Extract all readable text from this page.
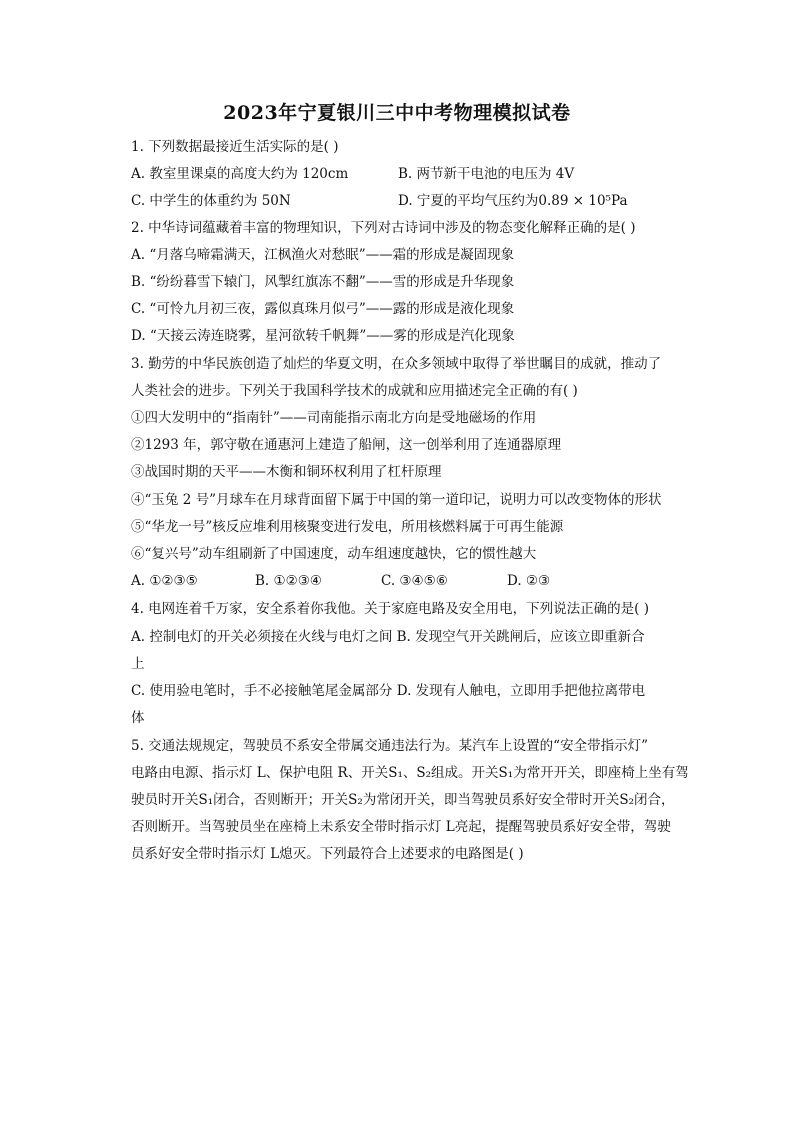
2023年宁夏银川三中中考物理模拟试卷
1. 下列数据最接近生活实际的是( )
A. 教室里课桌的高度大约为 120cm	B. 两节新干电池的电压为 4V
C. 中学生的体重约为 50N	D. 宁夏的平均气压约为0.89 × 10⁵Pa
2. 中华诗词蕴藏着丰富的物理知识，下列对古诗词中涉及的物态变化解释正确的是( )
A. “月落乌啼霜满天，江枫渔火对愁眠”——霜的形成是凝固现象
B. “纷纷暮雪下辕门，风掣红旗冻不翻”——雪的形成是升华现象
C. “可怜九月初三夜，露似真珠月似弓”——露的形成是液化现象
D. “天接云涛连晓雾，星河欲转千帆舞”——雾的形成是汽化现象
3. 勤劳的中华民族创造了灿烂的华夏文明，在众多领域中取得了举世瞩目的成就，推动了
人类社会的进步。下列关于我国科学技术的成就和应用描述完全正确的有( )
①四大发明中的“指南针”——司南能指示南北方向是受地磁场的作用
②1293 年，郭守敬在通惠河上建造了船闸，这一创举利用了连通器原理
③战国时期的天平——木衡和铜环权利用了杠杆原理
④“玉兔 2 号”月球车在月球背面留下属于中国的第一道印记，说明力可以改变物体的形状
⑤“华龙一号”核反应堆利用核聚变进行发电，所用核燃料属于可再生能源
⑥“复兴号”动车组刷新了中国速度，动车组速度越快，它的惯性越大
A. ①②③⑤	B. ①②③④	C. ③④⑤⑥	D. ②③
4. 电网连着千万家，安全系着你我他。关于家庭电路及安全用电，下列说法正确的是( )
A. 控制电灯的开关必须接在火线与电灯之间 B. 发现空气开关跳闸后，应该立即重新合
上
C. 使用验电笔时，手不必接触笔尾金属部分 D. 发现有人触电，立即用手把他拉离带电
体
5. 交通法规规定，驾驶员不系安全带属交通违法行为。某汽车上设置的“安全带指示灯”
电路由电源、指示灯 L、保护电阻 R、开关S₁、S₂组成。开关S₁为常开开关，即座椅上坐有驾
驶员时开关S₁闭合，否则断开；开关S₂为常闭开关，即当驾驶员系好安全带时开关S₂闭合，
否则断开。当驾驶员坐在座椅上未系安全带时指示灯 L亮起，提醒驾驶员系好安全带，驾驶
员系好安全带时指示灯 L熄灭。下列最符合上述要求的电路图是( )
